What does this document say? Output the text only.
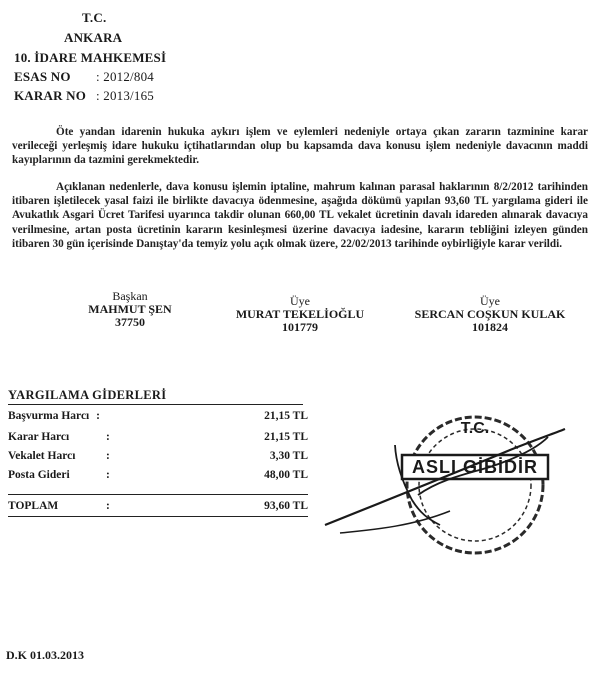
T.C.
ANKARA
10. İDARE MAHKEMESİ
ESAS NO : 2012/804
KARAR NO : 2013/165
Öte yandan idarenin hukuka aykırı işlem ve eylemleri nedeniyle ortaya çıkan zararın tazminine karar verileceği yerleşmiş idare hukuku içtihatlarından olup bu kapsamda dava konusu işlem nedeniyle davacının maddi kayıplarının da tazmini gerekmektedir.
Açıklanan nedenlerle, dava konusu işlemin iptaline, mahrum kalınan parasal haklarının 8/2/2012 tarihinden itibaren işletilecek yasal faizi ile birlikte davacıya ödenmesine, aşağıda dökümü yapılan 93,60 TL yargılama gideri ile Avukatlık Asgari Ücret Tarifesi uyarınca takdir olunan 660,00 TL vekalet ücretinin davalı idareden alınarak davacıya verilmesine, artan posta ücretinin kararın kesinleşmesi üzerine davacıya iadesine, kararın tebliğini izleyen günden itibaren 30 gün içerisinde Danıştay'da temyiz yolu açık olmak üzere, 22/02/2013 tarihinde oybirliğiyle karar verildi.
Başkan
MAHMUT ŞEN
37750
Üye
MURAT TEKELİOĞLU
101779
Üye
SERCAN COŞKUN KULAK
101824
YARGILAMA GİDERLERİ
Başvurma Harcı :	21,15 TL
Karar Harcı	:	21,15 TL
Vekalet Harcı	:	3,30 TL
Posta Gideri	:	48,00 TL
TOPLAM	:	93,60 TL
T.C.
ASLI GİBİDİR
D.K 01.03.2013
